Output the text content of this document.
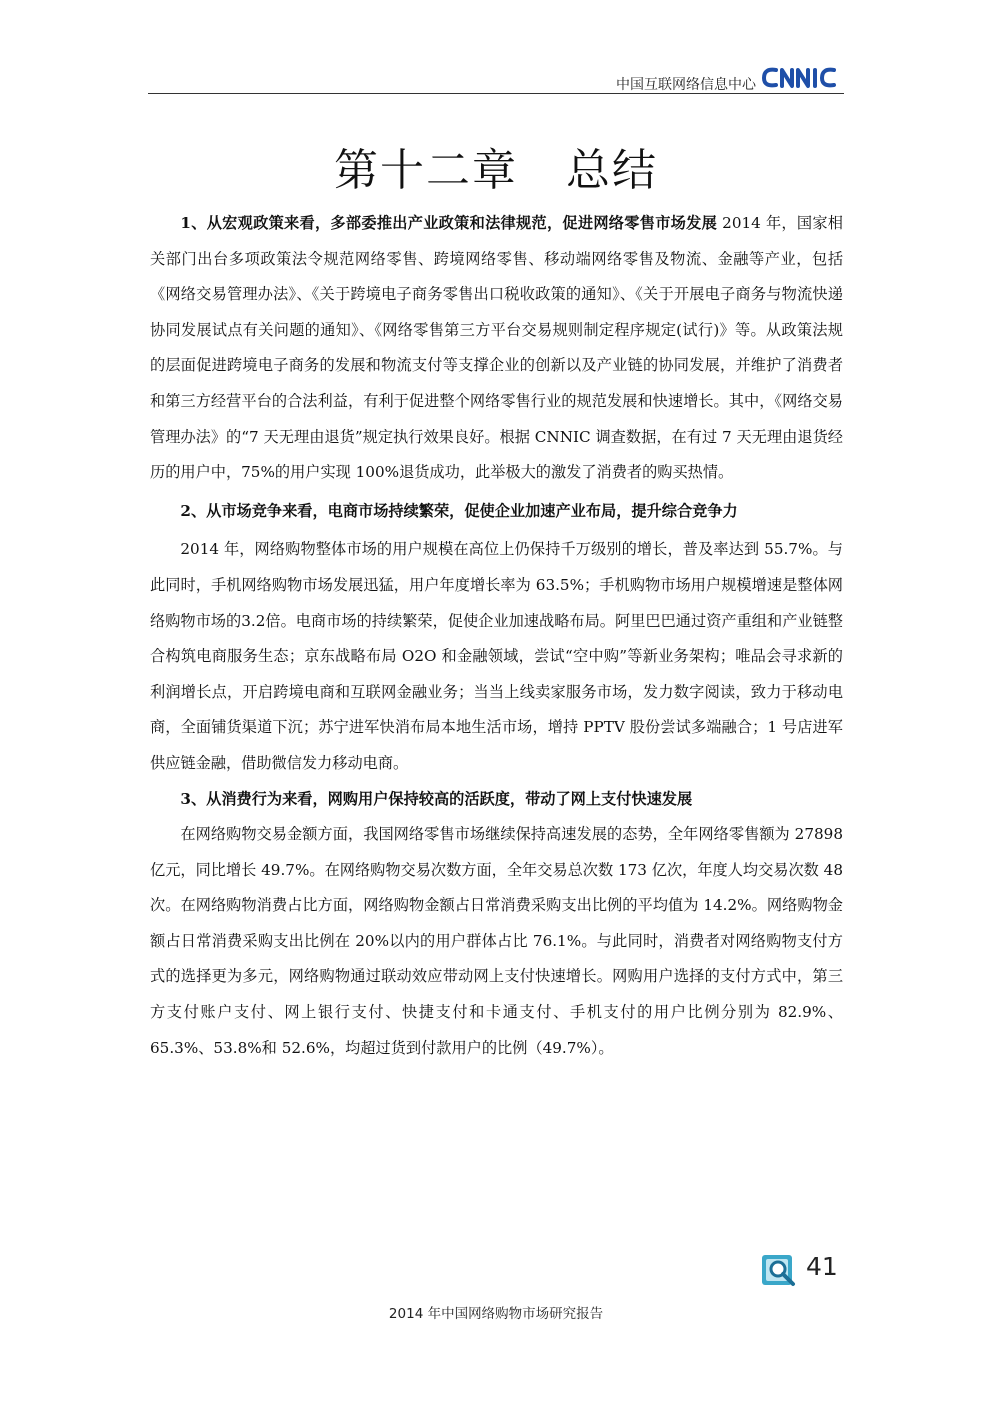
中国互联网络信息中心	CNNIC
第十二章   总结

1、从宏观政策来看，多部委推出产业政策和法律规范，促进网络零售市场发展 2014 年，国家相关部门出台多项政策法令规范网络零售、跨境网络零售、移动端网络零售及物流、金融等产业，包括《网络交易管理办法》、《关于跨境电子商务零售出口税收政策的通知》、《关于开展电子商务与物流快递协同发展试点有关问题的通知》、《网络零售第三方平台交易规则制定程序规定(试行)》等。从政策法规的层面促进跨境电子商务的发展和物流支付等支撑企业的创新以及产业链的协同发展，并维护了消费者和第三方经营平台的合法利益，有利于促进整个网络零售行业的规范发展和快速增长。其中，《网络交易管理办法》的“7 天无理由退货”规定执行效果良好。根据 CNNIC 调查数据，在有过 7 天无理由退货经历的用户中，75%的用户实现 100%退货成功，此举极大的激发了消费者的购买热情。

2、从市场竞争来看，电商市场持续繁荣，促使企业加速产业布局，提升综合竞争力

2014 年，网络购物整体市场的用户规模在高位上仍保持千万级别的增长，普及率达到 55.7%。与此同时，手机网络购物市场发展迅猛，用户年度增长率为 63.5%；手机购物市场用户规模增速是整体网络购物市场的3.2倍。电商市场的持续繁荣，促使企业加速战略布局。阿里巴巴通过资产重组和产业链整合构筑电商服务生态；京东战略布局 O2O 和金融领域，尝试“空中购”等新业务架构；唯品会寻求新的利润增长点，开启跨境电商和互联网金融业务；当当上线卖家服务市场，发力数字阅读，致力于移动电商，全面铺货渠道下沉；苏宁进军快消布局本地生活市场，增持 PPTV 股份尝试多端融合；1 号店进军供应链金融，借助微信发力移动电商。

3、从消费行为来看，网购用户保持较高的活跃度，带动了网上支付快速发展

在网络购物交易金额方面，我国网络零售市场继续保持高速发展的态势，全年网络零售额为 27898 亿元，同比增长 49.7%。在网络购物交易次数方面，全年交易总次数 173 亿次，年度人均交易次数 48 次。在网络购物消费占比方面，网络购物金额占日常消费采购支出比例的平均值为 14.2%。网络购物金额占日常消费采购支出比例在 20%以内的用户群体占比 76.1%。与此同时，消费者对网络购物支付方式的选择更为多元，网络购物通过联动效应带动网上支付快速增长。网购用户选择的支付方式中，第三方支付账户支付、网上银行支付、快捷支付和卡通支付、手机支付的用户比例分别为 82.9%、65.3%、53.8%和 52.6%，均超过货到付款用户的比例（49.7%）。

41
2014 年中国网络购物市场研究报告
